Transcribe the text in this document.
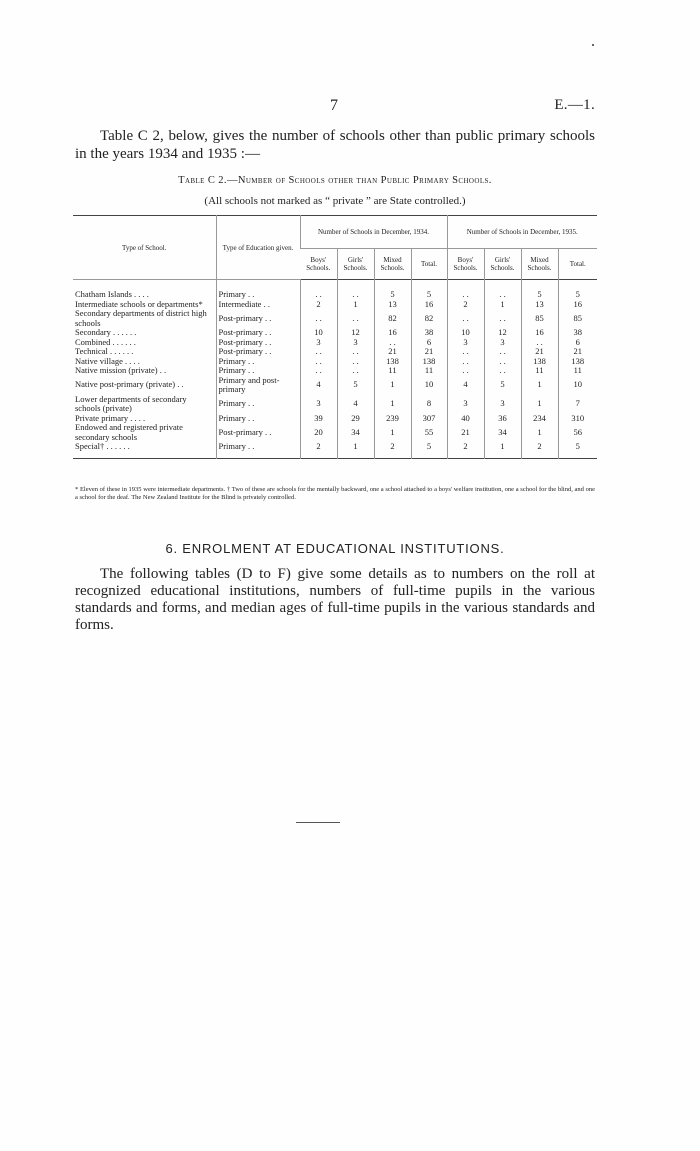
7	E.—1.

Table C 2, below, gives the number of schools other than public primary schools in the years 1934 and 1935 :—

Table C 2.—Number of Schools other than Public Primary Schools.
(All schools not marked as “ private ” are State controlled.)
Type of School.	Type of Education given.	Number of Schools in December, 1934.				Number of Schools in December, 1935.			
		Boys' Schools.	Girls' Schools.	Mixed Schools.	Total.	Boys' Schools.	Girls' Schools.	Mixed Schools.	Total.

Chatham Islands . . . .	Primary . .	. .	. .	5	5	. .	. .	5	5
Intermediate schools or departments*	Intermediate . .	2	1	13	16	2	1	13	16
Secondary departments of district high schools	Post-primary . .	. .	. .	82	82	. .	. .	85	85
Secondary . . . . . .	Post-primary . .	10	12	16	38	10	12	16	38
Combined . . . . . .	Post-primary . .	3	3	. .	6	3	3	. .	6
Technical . . . . . .	Post-primary . .	. .	. .	21	21	. .	. .	21	21
Native village . . . .	Primary . .	. .	. .	138	138	. .	. .	138	138
Native mission (private) . .	Primary . .	. .	. .	11	11	. .	. .	11	11
Native post-primary (private) . .	Primary and post-primary	4	5	1	10	4	5	1	10
Lower departments of secondary schools (private)	Primary . .	3	4	1	8	3	3	1	7
Private primary . . . .	Primary . .	39	29	239	307	40	36	234	310
Endowed and registered private secondary schools	Post-primary . .	20	34	1	55	21	34	1	56
Special† . . . . . .	Primary . .	2	1	2	5	2	1	2	5

* Eleven of these in 1935 were intermediate departments. † Two of these are schools for the mentally backward, one a school attached to a boys' welfare institution, one a school for the blind, and one a school for the deaf. The New Zealand Institute for the Blind is privately controlled.

6. ENROLMENT AT EDUCATIONAL INSTITUTIONS.

The following tables (D to F) give some details as to numbers on the roll at recognized educational institutions, numbers of full-time pupils in the various standards and forms, and median ages of full-time pupils in the various standards and forms.
